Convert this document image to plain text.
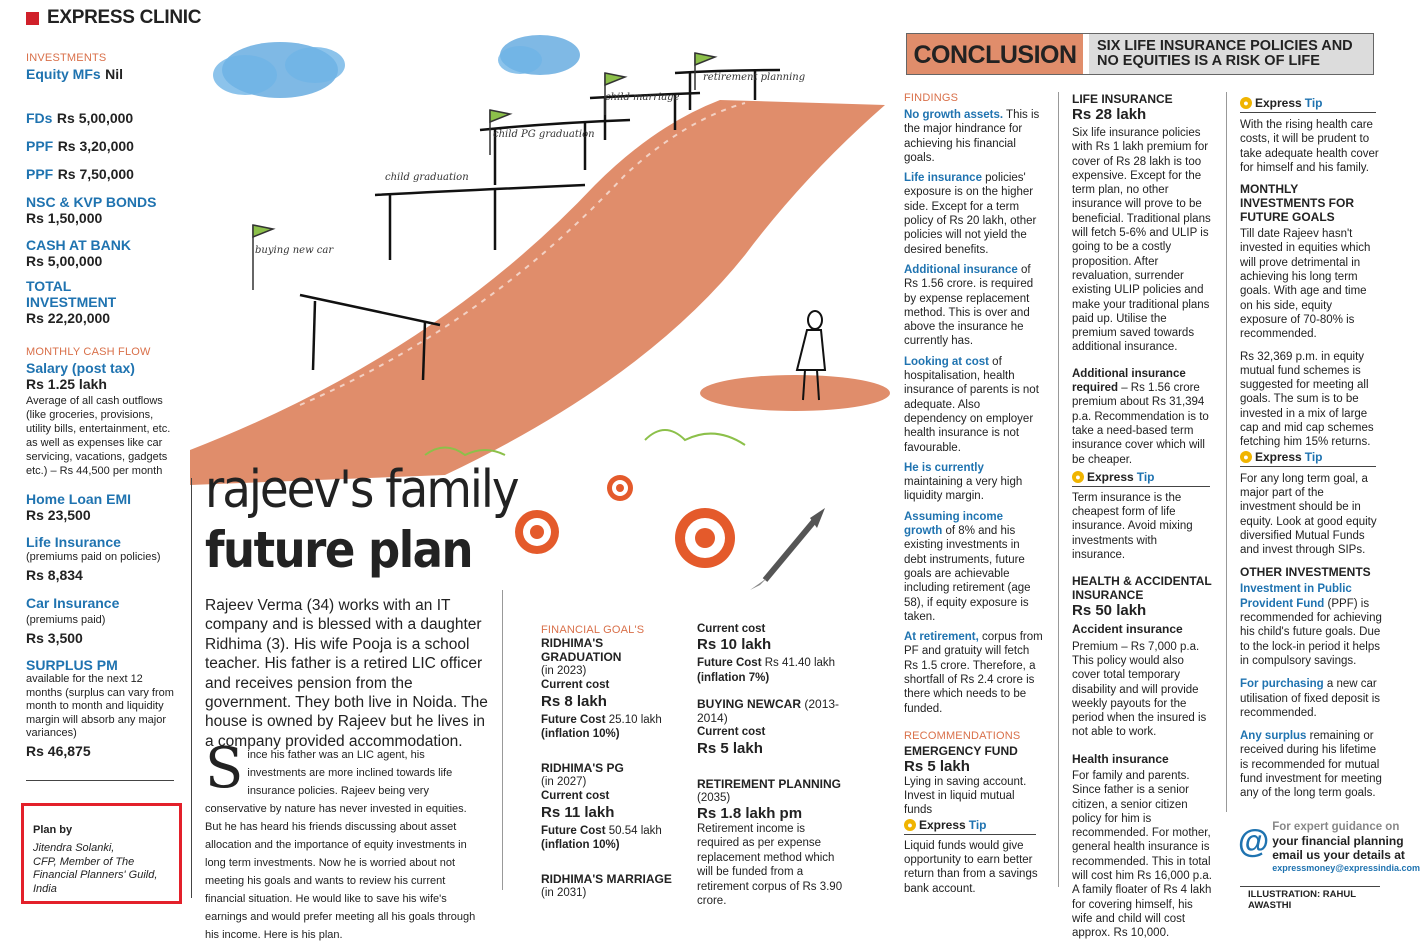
EXPRESS CLINIC
INVESTMENTS
Equity MFs Nil
FDs Rs 5,00,000
PPF Rs 3,20,000
PPF Rs 7,50,000
NSC & KVP BONDS
Rs 1,50,000
CASH AT BANK
Rs 5,00,000
TOTAL INVESTMENT
Rs 22,20,000
MONTHLY CASH FLOW
Salary (post tax)
Rs 1.25 lakh

Average of all cash outflows (like groceries, provisions, utility bills, entertainment, etc. as well as expenses like car servicing, vacations, gadgets etc.) – Rs 44,500 per month

Home Loan EMI
Rs 23,500
Life Insurance

(premiums paid on policies)

Rs 8,834
Car Insurance

(premiums paid)

Rs 3,500
SURPLUS PM

available for the next 12 months (surplus can vary from month to month and liquidity margin will absorb any major variances)

Rs 46,875
Plan by
Jitendra Solanki,
CFP, Member of The Financial Planners' Guild, India
buying new car
child graduation
child PG graduation
child marriage
retirement planning
rajeev's family
future plan

Rajeev Verma (34) works with an IT company and is blessed with a daughter Ridhima (3). His wife Pooja is a school teacher. His father is a retired LIC officer and receives pension from the government. They both live in Noida. The house is owned by Rajeev but he lives in a company provided accommodation.

S ince his father was an LIC agent, his investments are more inclined towards life insurance policies. Rajeev being very conservative by nature has never invested in equities. But he has heard his friends discussing about asset allocation and the importance of equity investments in long term investments. Now he is worried about not meeting his goals and wants to review his current financial situation. He would like to save his wife's earnings and would prefer meeting all his goals through his income. Here is his plan.
FINANCIAL GOAL'S
RIDHIMA'S GRADUATION
(in 2023)
Current cost
Rs 8 lakh
Future Cost 25.10 lakh
(inflation 10%)
RIDHIMA'S PG
(in 2027)
Current cost
Rs 11 lakh
Future Cost 50.54 lakh
(inflation 10%)
RIDHIMA'S MARRIAGE
(in 2031)
Current cost
Rs 10 lakh
Future Cost Rs 41.40 lakh
(inflation 7%)
BUYING NEWCAR (2013-2014)
Current cost
Rs 5 lakh
RETIREMENT PLANNING
(2035)
Rs 1.8 lakh pm

Retirement income is required as per expense replacement method which will be funded from a retirement corpus of Rs 3.90 crore.

CONCLUSION	SIX LIFE INSURANCE POLICIES AND NO EQUITIES IS A RISK OF LIFE
FINDINGS

No growth assets. This is the major hindrance for achieving his financial goals.

Life insurance policies' exposure is on the higher side. Except for a term policy of Rs 20 lakh, other policies will not yield the desired benefits.

Additional insurance of Rs 1.56 crore. is required by expense replacement method. This is over and above the insurance he currently has.

Looking at cost of hospitalisation, health insurance of parents is not adequate. Also dependency on employer health insurance is not favourable.

He is currently maintaining a very high liquidity margin.

Assuming income growth of 8% and his existing investments in debt instruments, future goals are achievable including retirement (age 58), if equity exposure is taken.

At retirement, corpus from PF and gratuity will fetch Rs 1.5 crore. Therefore, a shortfall of Rs 2.4 crore is there which needs to be funded.

RECOMMENDATIONS
EMERGENCY FUND
Rs 5 lakh

Lying in saving account. Invest in liquid mutual funds

● Express Tip

Liquid funds would give opportunity to earn better return than from a savings bank account.

LIFE INSURANCE
Rs 28 lakh

Six life insurance policies with Rs 1 lakh premium for cover of Rs 28 lakh is too expensive. Except for the term plan, no other insurance will prove to be beneficial. Traditional plans will fetch 5-6% and ULIP is going to be a costly proposition. After revaluation, surrender existing ULIP policies and make your traditional plans paid up. Utilise the premium saved towards additional insurance.

Additional insurance required – Rs 1.56 crore premium about Rs 31,394 p.a. Recommendation is to take a need-based term insurance cover which will be cheaper.

● Express Tip

Term insurance is the cheapest form of life insurance. Avoid mixing investments with insurance.

HEALTH & ACCIDENTAL INSURANCE
Rs 50 lakh
Accident insurance

Premium – Rs 7,000 p.a. This policy would also cover total temporary disability and will provide weekly payouts for the period when the insured is not able to work.

Health insurance

For family and parents. Since father is a senior citizen, a senior citizen policy for him is recommended. For mother, general health insurance is recommended. This in total will cost him Rs 16,000 p.a. A family floater of Rs 4 lakh for covering himself, his wife and child will cost approx. Rs 10,000.

● Express Tip

With the rising health care costs, it will be prudent to take adequate health cover for himself and his family.

MONTHLY INVESTMENTS FOR FUTURE GOALS

Till date Rajeev hasn't invested in equities which will prove detrimental in achieving his long term goals. With age and time on his side, equity exposure of 70-80% is recommended.

Rs 32,369 p.m. in equity mutual fund schemes is suggested for meeting all goals. The sum is to be invested in a mix of large cap and mid cap schemes fetching him 15% returns.

● Express Tip

For any long term goal, a major part of the investment should be in equity. Look at good equity diversified Mutual Funds and invest through SIPs.

OTHER INVESTMENTS

Investment in Public Provident Fund (PPF) is recommended for achieving his child's future goals. Due to the lock-in period it helps in compulsory savings.

For purchasing a new car utilisation of fixed deposit is recommended.

Any surplus remaining or received during his lifetime is recommended for mutual fund investment for meeting any of the long term goals.

@ For expert guidance on
your financial planning
email us your details at
expressmoney@expressindia.com
ILLUSTRATION: RAHUL AWASTHI
